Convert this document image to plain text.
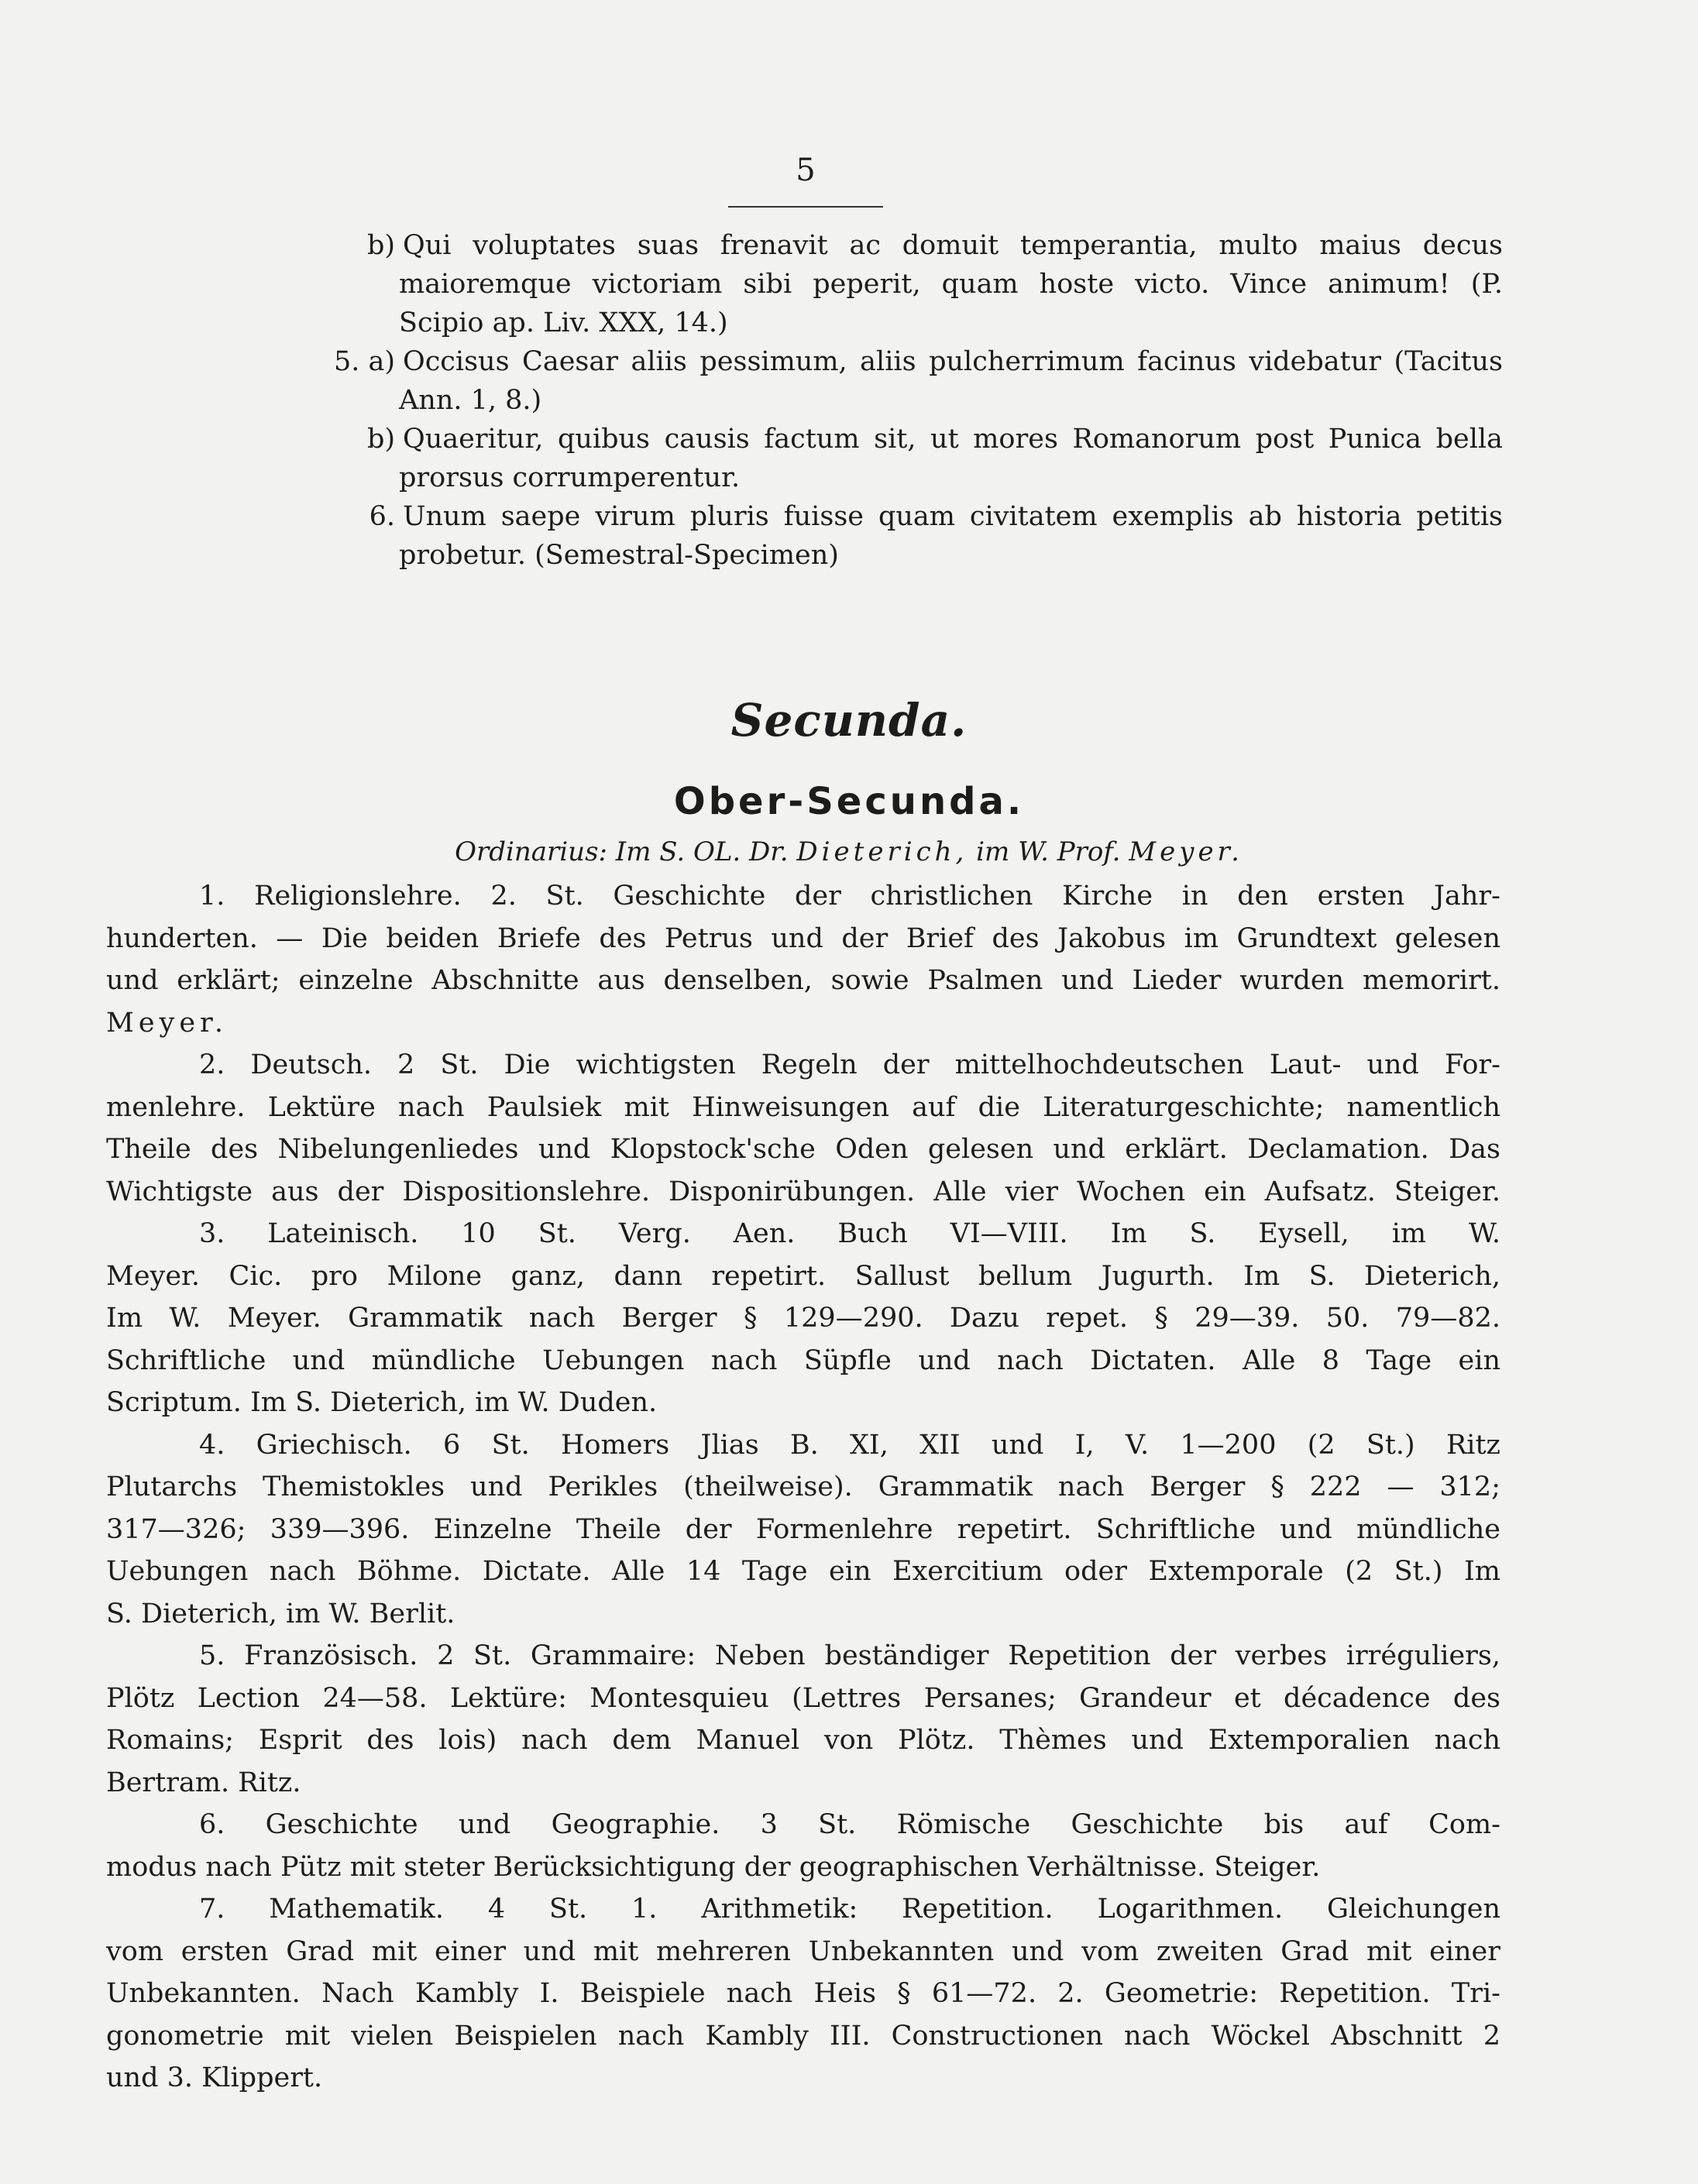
5
b) Qui voluptates suas frenavit ac domuit temperantia, multo maius decus
maioremque victoriam sibi peperit, quam hoste victo. Vince animum! (P.
Scipio ap. Liv. XXX, 14.)
5. a) Occisus Caesar aliis pessimum, aliis pulcherrimum facinus videbatur (Tacitus
Ann. 1, 8.)
b) Quaeritur, quibus causis factum sit, ut mores Romanorum post Punica bella
prorsus corrumperentur.
6. Unum saepe virum pluris fuisse quam civitatem exemplis ab historia petitis
probetur. (Semestral-Specimen)
Secunda.
Ober-Secunda.
Ordinarius: Im S. OL. Dr. Dieterich, im W. Prof. Meyer.

1. Religionslehre. 2. St. Geschichte der christlichen Kirche in den ersten Jahr-
hunderten. — Die beiden Briefe des Petrus und der Brief des Jakobus im Grundtext gelesen
und erklärt; einzelne Abschnitte aus denselben, sowie Psalmen und Lieder wurden memorirt.
Meyer.

2. Deutsch. 2 St. Die wichtigsten Regeln der mittelhochdeutschen Laut- und For-
menlehre. Lektüre nach Paulsiek mit Hinweisungen auf die Literaturgeschichte; namentlich
Theile des Nibelungenliedes und Klopstock'sche Oden gelesen und erklärt. Declamation. Das
Wichtigste aus der Dispositionslehre. Disponirübungen. Alle vier Wochen ein Aufsatz. Steiger.

3. Lateinisch. 10 St. Verg. Aen. Buch VI—VIII. Im S. Eysell, im W.
Meyer. Cic. pro Milone ganz, dann repetirt. Sallust bellum Jugurth. Im S. Dieterich,
Im W. Meyer. Grammatik nach Berger § 129—290. Dazu repet. § 29—39. 50. 79—82.
Schriftliche und mündliche Uebungen nach Süpfle und nach Dictaten. Alle 8 Tage ein
Scriptum. Im S. Dieterich, im W. Duden.

4. Griechisch. 6 St. Homers Jlias B. XI, XII und I, V. 1—200 (2 St.) Ritz
Plutarchs Themistokles und Perikles (theilweise). Grammatik nach Berger § 222 — 312;
317—326; 339—396. Einzelne Theile der Formenlehre repetirt. Schriftliche und mündliche
Uebungen nach Böhme. Dictate. Alle 14 Tage ein Exercitium oder Extemporale (2 St.) Im
S. Dieterich, im W. Berlit.

5. Französisch. 2 St. Grammaire: Neben beständiger Repetition der verbes irréguliers,
Plötz Lection 24—58. Lektüre: Montesquieu (Lettres Persanes; Grandeur et décadence des
Romains; Esprit des lois) nach dem Manuel von Plötz. Thèmes und Extemporalien nach
Bertram. Ritz.

6. Geschichte und Geographie. 3 St. Römische Geschichte bis auf Com-
modus nach Pütz mit steter Berücksichtigung der geographischen Verhältnisse. Steiger.

7. Mathematik. 4 St. 1. Arithmetik: Repetition. Logarithmen. Gleichungen
vom ersten Grad mit einer und mit mehreren Unbekannten und vom zweiten Grad mit einer
Unbekannten. Nach Kambly I. Beispiele nach Heis § 61—72. 2. Geometrie: Repetition. Tri-
gonometrie mit vielen Beispielen nach Kambly III. Constructionen nach Wöckel Abschnitt 2
und 3. Klippert.
